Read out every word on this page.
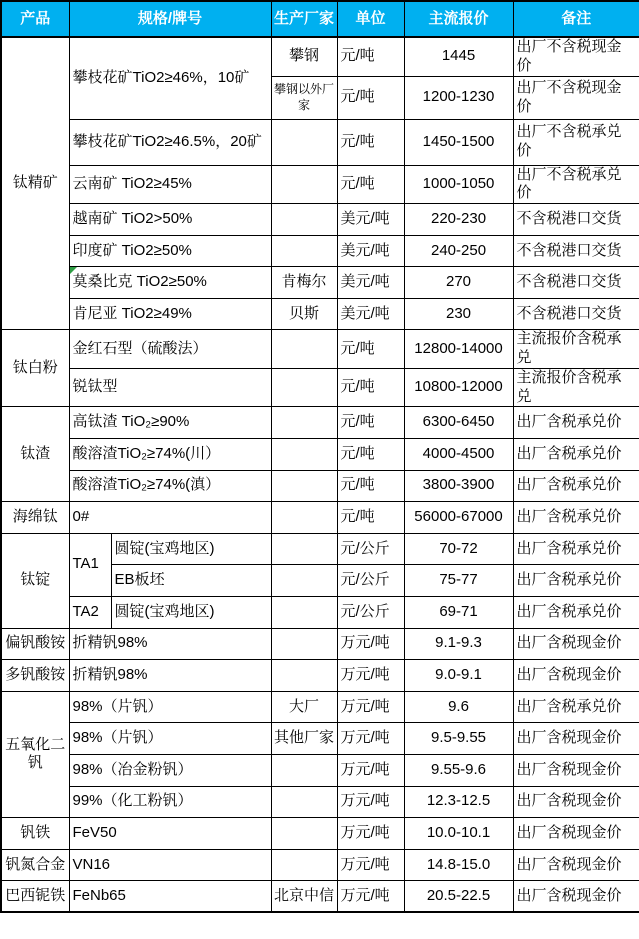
产品	规格/牌号		生产厂家	单位	主流报价	备注
钛精矿	攀枝花矿TiO2≥46%，10矿		攀钢	元/吨	1445	出厂不含税现金价
			攀钢以外厂家	元/吨	1200-1230	出厂不含税现金价
	攀枝花矿TiO2≥46.5%，20矿			元/吨	1450-1500	出厂不含税承兑价
	云南矿 TiO2≥45%			元/吨	1000-1050	出厂不含税承兑价
	越南矿 TiO2>50%			美元/吨	220-230	不含税港口交货
	印度矿 TiO2≥50%			美元/吨	240-250	不含税港口交货
	莫桑比克 TiO2≥50%		肯梅尔	美元/吨	270	不含税港口交货
	肯尼亚 TiO2≥49%		贝斯	美元/吨	230	不含税港口交货
钛白粉	金红石型（硫酸法）			元/吨	12800-14000	主流报价含税承兑
	锐钛型			元/吨	10800-12000	主流报价含税承兑
钛渣	高钛渣 TiO₂≥90%			元/吨	6300-6450	出厂含税承兑价
	酸溶渣TiO₂≥74%(川）			元/吨	4000-4500	出厂含税承兑价
	酸溶渣TiO₂≥74%(滇）			元/吨	3800-3900	出厂含税承兑价
海绵钛	0#			元/吨	56000-67000	出厂含税承兑价
钛锭	TA1	圆锭(宝鸡地区)		元/公斤	70-72	出厂含税承兑价
		EB板坯		元/公斤	75-77	出厂含税承兑价
	TA2	圆锭(宝鸡地区)		元/公斤	69-71	出厂含税承兑价
偏钒酸铵	折精钒98%			万元/吨	9.1-9.3	出厂含税现金价
多钒酸铵	折精钒98%			万元/吨	9.0-9.1	出厂含税现金价
五氧化二钒	98%（片钒）		大厂	万元/吨	9.6	出厂含税承兑价
	98%（片钒）		其他厂家	万元/吨	9.5-9.55	出厂含税现金价
	98%（冶金粉钒）			万元/吨	9.55-9.6	出厂含税现金价
	99%（化工粉钒）			万元/吨	12.3-12.5	出厂含税现金价
钒铁	FeV50			万元/吨	10.0-10.1	出厂含税现金价
钒氮合金	VN16			万元/吨	14.8-15.0	出厂含税现金价
巴西铌铁	FeNb65		北京中信	万元/吨	20.5-22.5	出厂含税现金价
